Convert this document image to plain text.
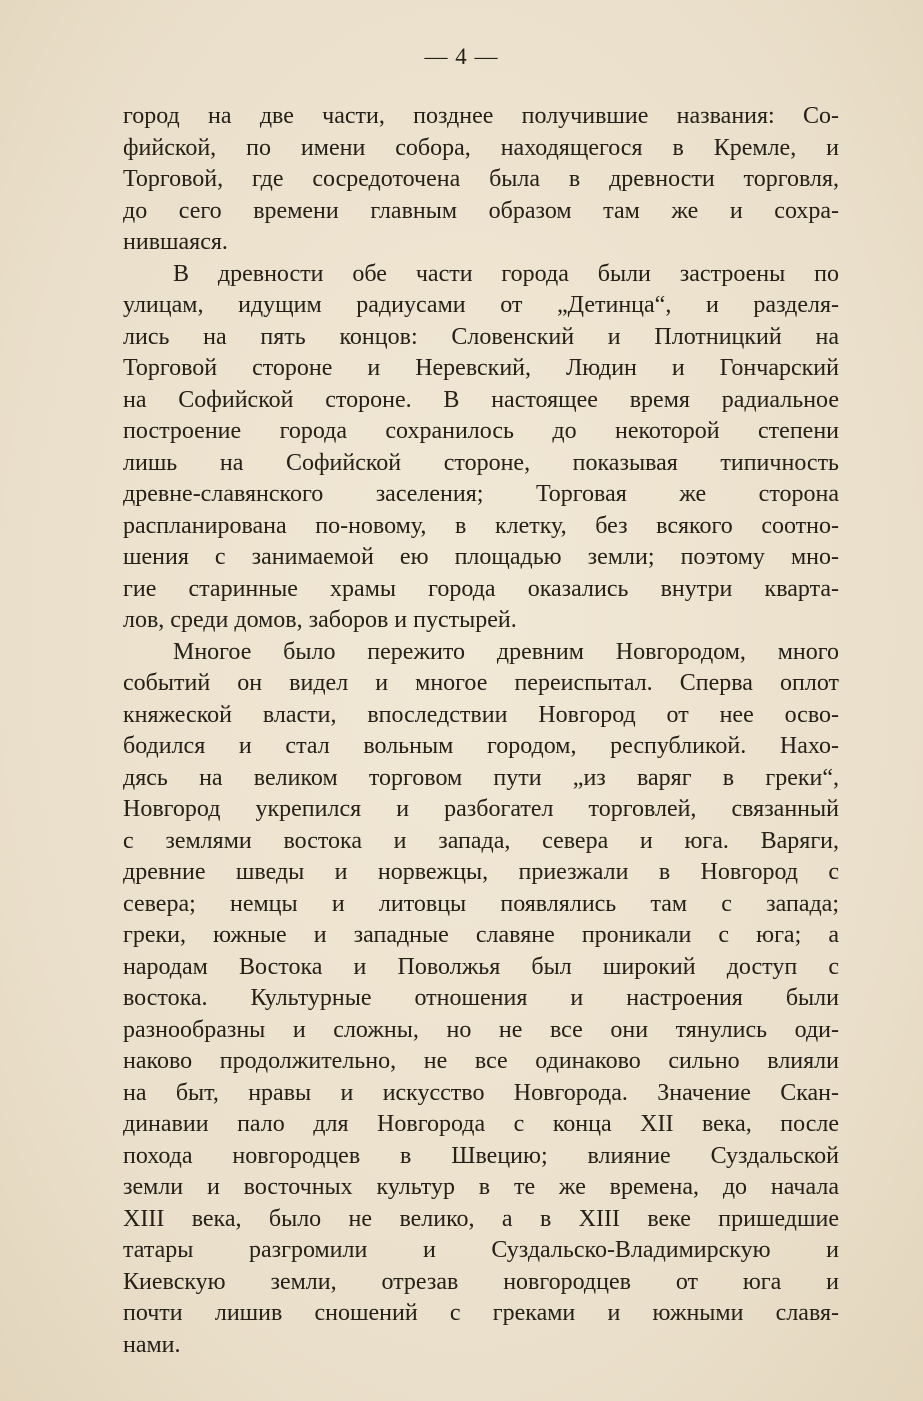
— 4 —
город на две части, позднее получившие названия: Со-
фийской, по имени собора, находящегося в Кремле, и
Торговой, где сосредоточена была в древности торговля,
до сего времени главным образом там же и сохра-
нившаяся.
В древности обе части города были застроены по
улицам, идущим радиусами от „Детинца“, и разделя-
лись на пять концов: Словенский и Плотницкий на
Торговой стороне и Неревский, Людин и Гончарский
на Софийской стороне. В настоящее время радиальное
построение города сохранилось до некоторой степени
лишь на Софийской стороне, показывая типичность
древне-славянского заселения; Торговая же сторона
распланирована по-новому, в клетку, без всякого соотно-
шения с занимаемой ею площадью земли; поэтому мно-
гие старинные храмы города оказались внутри кварта-
лов, среди домов, заборов и пустырей.
Многое было пережито древним Новгородом, много
событий он видел и многое переиспытал. Сперва оплот
княжеской власти, впоследствии Новгород от нее осво-
бодился и стал вольным городом, республикой. Нахо-
дясь на великом торговом пути „из варяг в греки“,
Новгород укрепился и разбогател торговлей, связанный
с землями востока и запада, севера и юга. Варяги,
древние шведы и норвежцы, приезжали в Новгород с
севера; немцы и литовцы появлялись там с запада;
греки, южные и западные славяне проникали с юга; а
народам Востока и Поволжья был широкий доступ с
востока. Культурные отношения и настроения были
разнообразны и сложны, но не все они тянулись оди-
наково продолжительно, не все одинаково сильно влияли
на быт, нравы и искусство Новгорода. Значение Скан-
динавии пало для Новгорода с конца XII века, после
похода новгородцев в Швецию; влияние Суздальской
земли и восточных культур в те же времена, до начала
XIII века, было не велико, а в XIII веке пришедшие
татары разгромили и Суздальско-Владимирскую и
Киевскую земли, отрезав новгородцев от юга и
почти лишив сношений с греками и южными славя-
нами.
